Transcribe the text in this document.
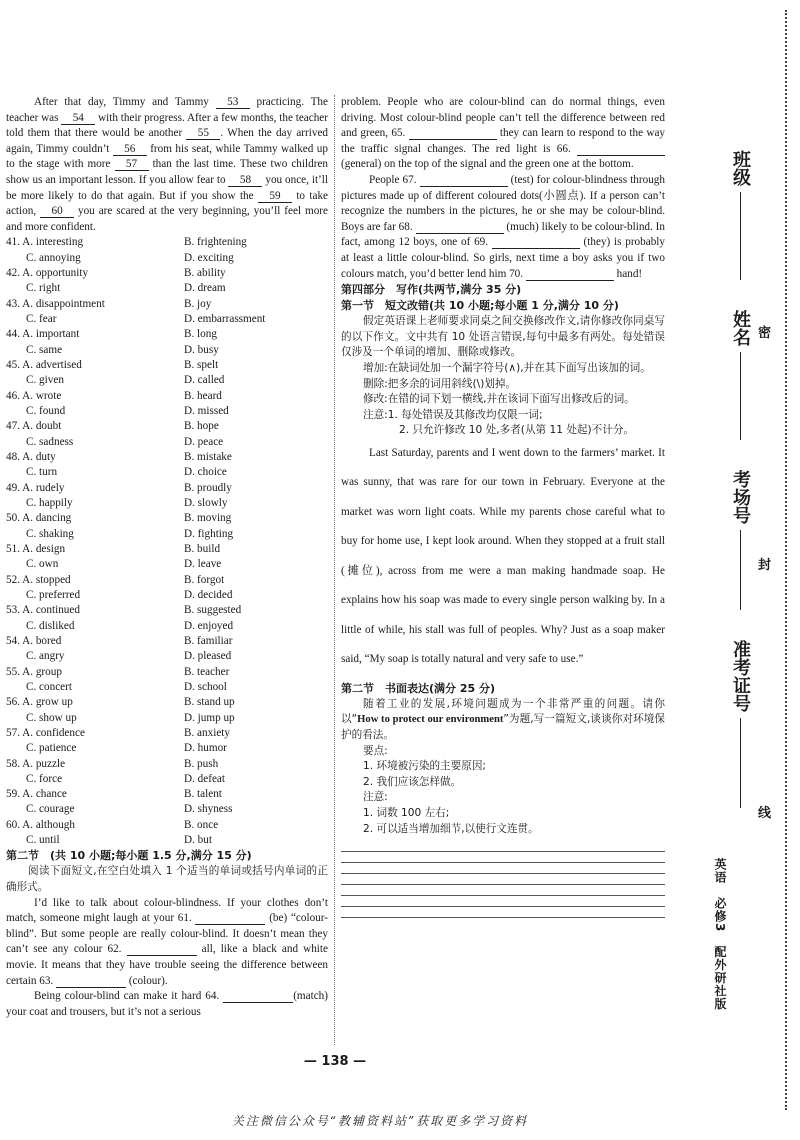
After that day, Timmy and Tammy 53 practicing. The teacher was 54 with their progress. After a few months, the teacher told them that there would be another 55 . When the day arrived again, Timmy couldn’t 56 from his seat, while Tammy walked up to the stage with more 57 than the last time. These two children show us an important lesson. If you allow fear to 58 you once, it’ll be more likely to do that again. But if you show the 59 to take action, 60 you are scared at the very beginning, you’ll feel more and more confident.

41. A. interesting	B. frightening
C. annoying	D. exciting
42. A. opportunity	B. ability
C. right	D. dream
43. A. disappointment	B. joy
C. fear	D. embarrassment
44. A. important	B. long
C. same	D. busy
45. A. advertised	B. spelt
C. given	D. called
46. A. wrote	B. heard
C. found	D. missed
47. A. doubt	B. hope
C. sadness	D. peace
48. A. duty	B. mistake
C. turn	D. choice
49. A. rudely	B. proudly
C. happily	D. slowly
50. A. dancing	B. moving
C. shaking	D. fighting
51. A. design	B. build
C. own	D. leave
52. A. stopped	B. forgot
C. preferred	D. decided
53. A. continued	B. suggested
C. disliked	D. enjoyed
54. A. bored	B. familiar
C. angry	D. pleased
55. A. group	B. teacher
C. concert	D. school
56. A. grow up	B. stand up
C. show up	D. jump up
57. A. confidence	B. anxiety
C. patience	D. humor
58. A. puzzle	B. push
C. force	D. defeat
59. A. chance	B. talent
C. courage	D. shyness
60. A. although	B. once
C. until	D. but
第二节　(共 10 小题;每小题 1.5 分,满分 15 分)

阅读下面短文,在空白处填入 1 个适当的单词或括号内单词的正确形式。

I’d like to talk about colour-blindness. If your clothes don’t match, someone might laugh at your 61.	(be) “colour-blind”. But some people are really colour-blind. It doesn’t mean they can’t see any colour 62.	all, like a black and white movie. It means that they have trouble seeing the difference between certain 63.	(colour).

Being colour-blind can make it hard 64.	(match) your coat and trousers, but it’s not a serious

problem. People who are colour-blind can do normal things, even driving. Most colour-blind people can’t tell the difference between red and green, 65.	they can learn to respond to the way the traffic signal changes. The red light is 66.   (general) on the top of the signal and the green one at the bottom.

People 67.	(test) for colour-blindness through pictures made up of different coloured dots(小圆点). If a person can’t recognize the numbers in the pictures, he or she may be colour-blind. Boys are far 68.	(much) likely to be colour-blind. In fact, among 12 boys, one of 69.	(they) is probably at least a little colour-blind. So girls, next time a boy asks you if two colours match, you’d better lend him 70.	hand!

第四部分　写作(共两节,满分 35 分)
第一节　短文改错(共 10 小题;每小题 1 分,满分 10 分)

假定英语课上老师要求同桌之间交换修改作文,请你修改你同桌写的以下作文。文中共有 10 处语言错误,每句中最多有两处。每处错误仅涉及一个单词的增加、删除或修改。

增加:在缺词处加一个漏字符号(∧),并在其下面写出该加的词。

删除:把多余的词用斜线(\)划掉。

修改:在错的词下划一横线,并在该词下面写出修改后的词。

注意:1. 每处错误及其修改均仅限一词;

2. 只允许修改 10 处,多者(从第 11 处起)不计分。

Last Saturday, parents and I went down to the farmers’ market. It was sunny, that was rare for our town in February. Everyone at the market was worn light coats. While my parents chose careful what to buy for home use, I kept look around. When they stopped at a fruit stall (摊位), across from me were a man making handmade soap. He explains how his soap was made to every single person walking by. In a little of while, his stall was full of peoples. Why? Just as a soap maker said, “My soap is totally natural and very safe to use.”

第二节　书面表达(满分 25 分)

随着工业的发展,环境问题成为一个非常严重的问题。请你以“How to protect our environment”为题,写一篇短文,谈谈你对环境保护的看法。

要点:

1. 环境被污染的主要原因;

2. 我们应该怎样做。

注意:

1. 词数 100 左右;

2. 可以适当增加细节,以使行文连贯。

— 138 —
关注微信公众号“教辅资料站”获取更多学习资料
班级
姓名
考场号
准考证号
密
封
线
英语　必修3　配外研社版
